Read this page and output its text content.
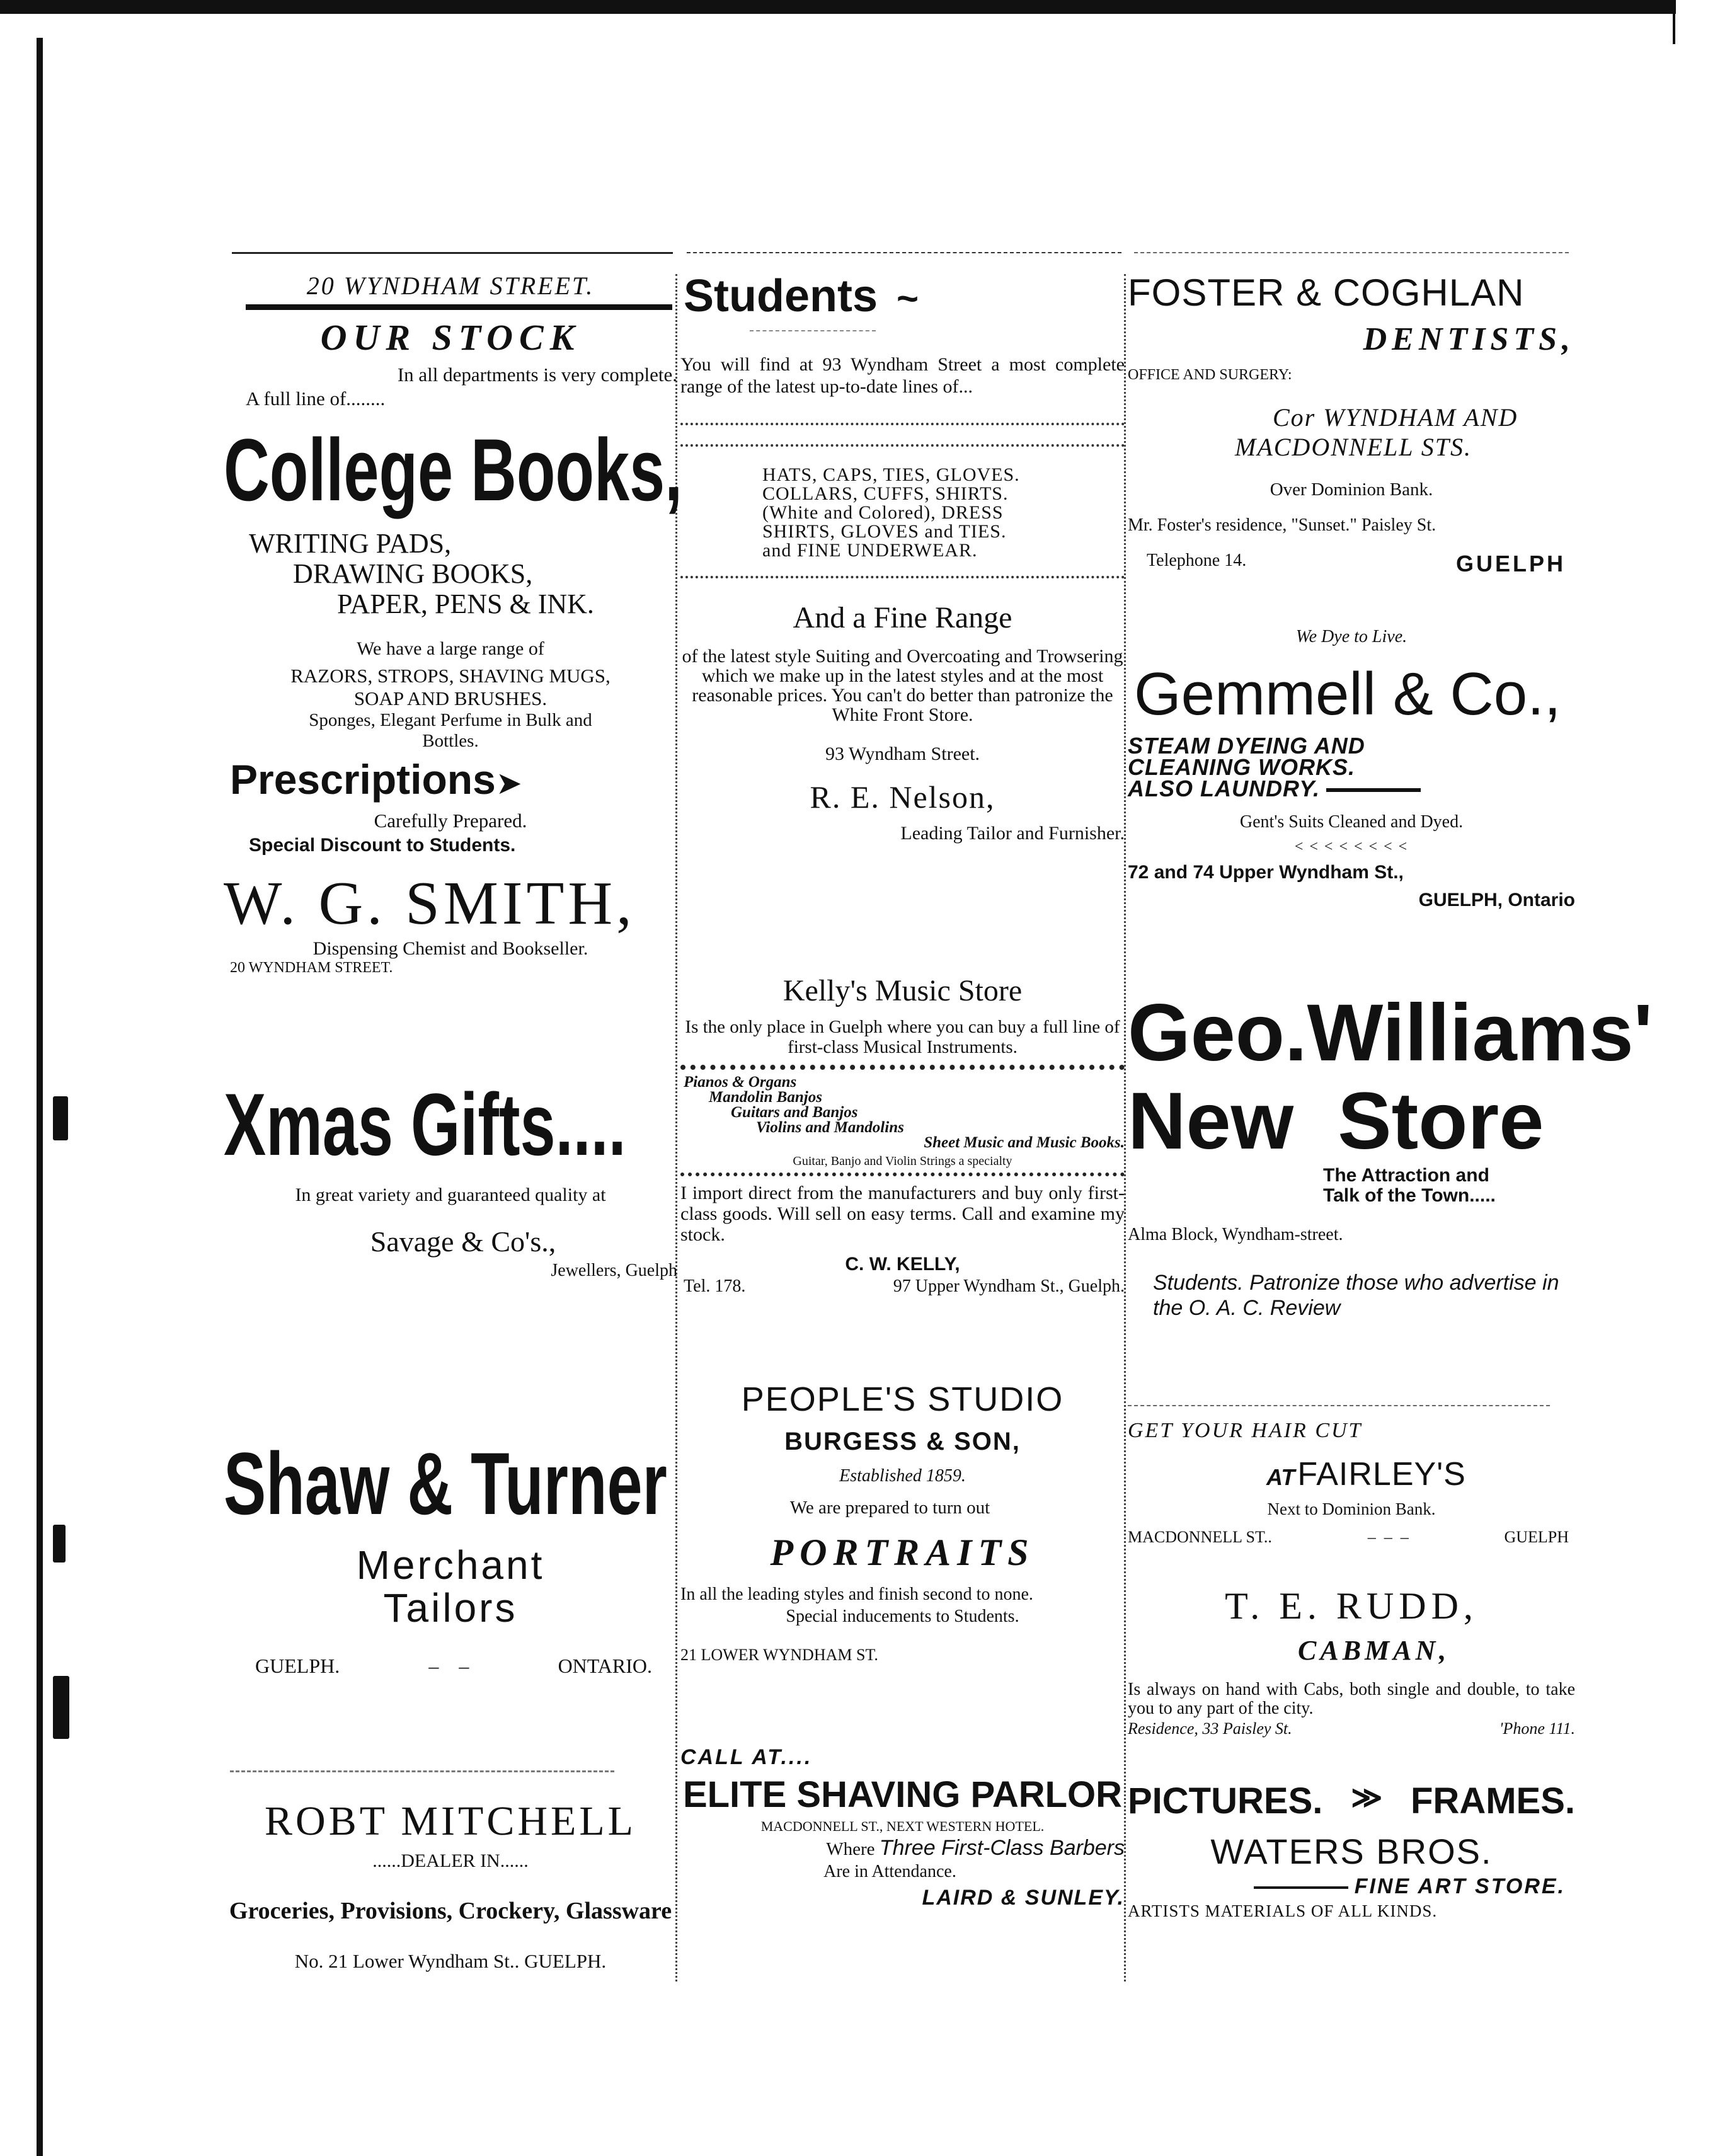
20 WYNDHAM STREET.

OUR STOCK

In all departments is very complete.

A full line of........

College Books,

WRITING PADS,

DRAWING BOOKS,

PAPER, PENS & INK.

We have a large range of

RAZORS, STROPS, SHAVING MUGS,

SOAP AND BRUSHES.

Sponges, Elegant Perfume in Bulk and

Bottles.

Prescriptions➤

Carefully Prepared.

Special Discount to Students.

W. G. SMITH,

Dispensing Chemist and Bookseller.

20 WYNDHAM STREET.

Xmas Gifts....

In great variety and guaranteed quality at

Savage & Co's.,

Jewellers, Guelph

Shaw & Turner

Merchant

Tailors

GUELPH.	–    –	ONTARIO.

ROBT MITCHELL

......DEALER IN......

Groceries, Provisions, Crockery, Glassware

No. 21 Lower Wyndham St.. GUELPH.

Students ~

You will find at 93 Wyndham Street a most complete range of the latest up-to-date lines of...

HATS, CAPS, TIES, GLOVES.

COLLARS, CUFFS, SHIRTS.

(White and Colored), DRESS

SHIRTS, GLOVES and TIES.

and FINE UNDERWEAR.

And a Fine Range

of the latest style Suiting and Overcoating and Trowsering which we make up in the latest styles and at the most reasonable prices. You can't do better than patronize the White Front Store.

93 Wyndham Street.

R. E. Nelson,

Leading Tailor and Furnisher.

Kelly's Music Store

Is the only place in Guelph where you can buy a full line of first-class Musical Instruments.

Pianos & Organs

Mandolin Banjos

Guitars and Banjos

Violins and Mandolins

Sheet Music and Music Books.

Guitar, Banjo and Violin Strings a specialty

I import direct from the manufacturers and buy only first-class goods. Will sell on easy terms. Call and examine my stock.

C. W. KELLY,

Tel. 178.	97 Upper Wyndham St., Guelph.

PEOPLE'S STUDIO

BURGESS & SON,

Established 1859.

We are prepared to turn out

PORTRAITS

In all the leading styles and finish second to none.

Special inducements to Students.

21 LOWER WYNDHAM ST.

CALL AT....

ELITE SHAVING PARLOR

MACDONNELL ST., NEXT WESTERN HOTEL.

Where Three First-Class Barbers

Are in Attendance.

LAIRD & SUNLEY.

FOSTER & COGHLAN

DENTISTS,

OFFICE AND SURGERY:

Cor WYNDHAM AND

MACDONNELL STS.

Over Dominion Bank.

Mr. Foster's residence, "Sunset." Paisley St.

Telephone 14.	GUELPH

We Dye to Live.

Gemmell & Co.,

STEAM DYEING AND

CLEANING WORKS.

ALSO LAUNDRY.

Gent's Suits Cleaned and Dyed.

< < < < < < < <

72 and 74 Upper Wyndham St.,

GUELPH, Ontario

Geo. Williams'
New Store

The Attraction and

Talk of the Town.....

Alma Block, Wyndham-street.

Students. Patronize those who advertise in the O. A. C. Review

GET YOUR HAIR CUT

AT FAIRLEY'S

Next to Dominion Bank.

MACDONNELL ST..	–  –  –	GUELPH

T. E. RUDD,

CABMAN,

Is always on hand with Cabs, both single and double, to take you to any part of the city.

Residence, 33 Paisley St.	'Phone 111.
PICTURES. ≫ FRAMES.

WATERS BROS.

FINE ART STORE.

ARTISTS MATERIALS OF ALL KINDS.
